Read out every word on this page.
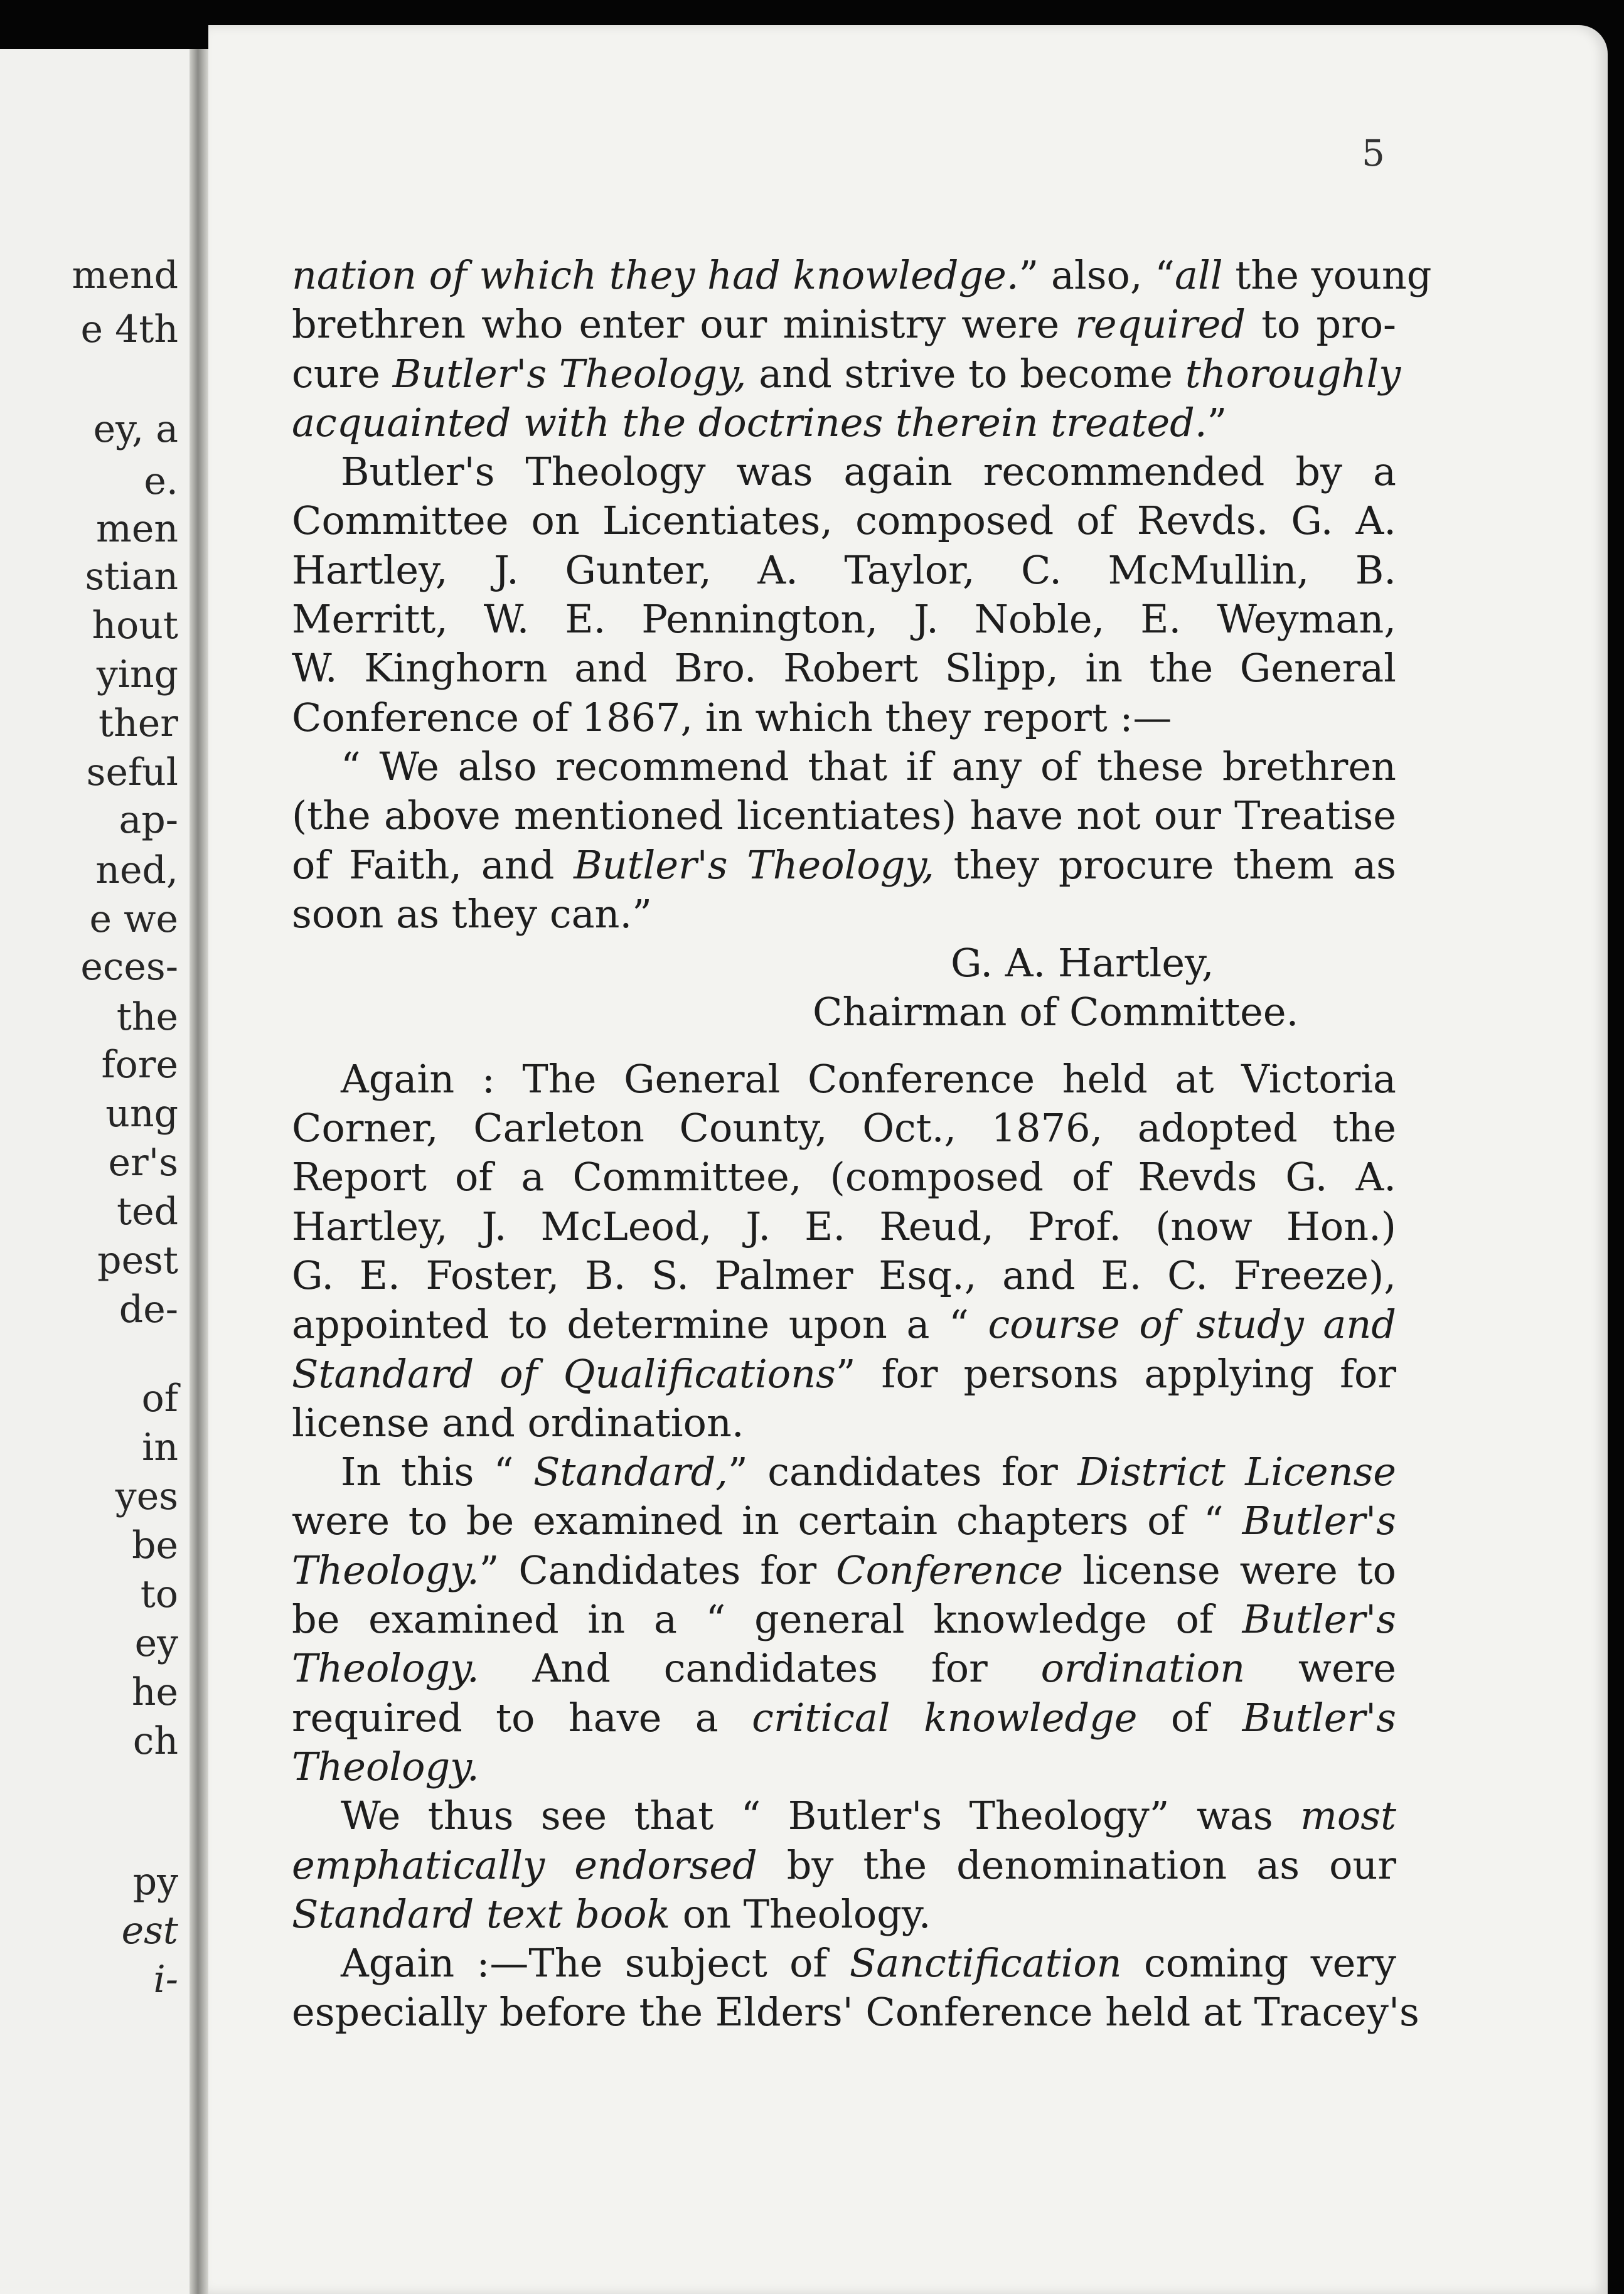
mend
e 4th
ey, a
e.
men
stian
hout
ying
ther
seful
ap-
ned,
e we
eces-
the
fore
ung
er's
ted
pest
de-
of
in
yes
be
to
ey
he
ch
py
est
i-
5
nation of which they had knowledge.” also, “all the young
brethren who enter our ministry were required to pro-
cure Butler's Theology, and strive to become thoroughly
acquainted with the doctrines therein treated.”
Butler's Theology was again recommended by a
Committee on Licentiates, composed of Revds. G. A.
Hartley, J. Gunter, A. Taylor, C. McMullin, B.
Merritt, W. E. Pennington, J. Noble, E. Weyman,
W. Kinghorn and Bro. Robert Slipp, in the General
Conference of 1867, in which they report :—
“ We also recommend that if any of these brethren
(the above mentioned licentiates) have not our Treatise
of Faith, and Butler's Theology, they procure them as
soon as they can.”
G. A. Hartley,
Chairman of Committee.
Again : The General Conference held at Victoria
Corner, Carleton County, Oct., 1876, adopted the
Report of a Committee, (composed of Revds G. A.
Hartley, J. McLeod, J. E. Reud, Prof. (now Hon.)
G. E. Foster, B. S. Palmer Esq., and E. C. Freeze),
appointed to determine upon a “ course of study and
Standard of Qualifications” for persons applying for
license and ordination.
In this “ Standard,” candidates for District License
were to be examined in certain chapters of “ Butler's
Theology.” Candidates for Conference license were to
be examined in a “ general knowledge of Butler's
Theology. And candidates for ordination were
required to have a critical knowledge of Butler's
Theology.
We thus see that “ Butler's Theology” was most
emphatically endorsed by the denomination as our
Standard text book on Theology.
Again :—The subject of Sanctification coming very
especially before the Elders' Conference held at Tracey's
